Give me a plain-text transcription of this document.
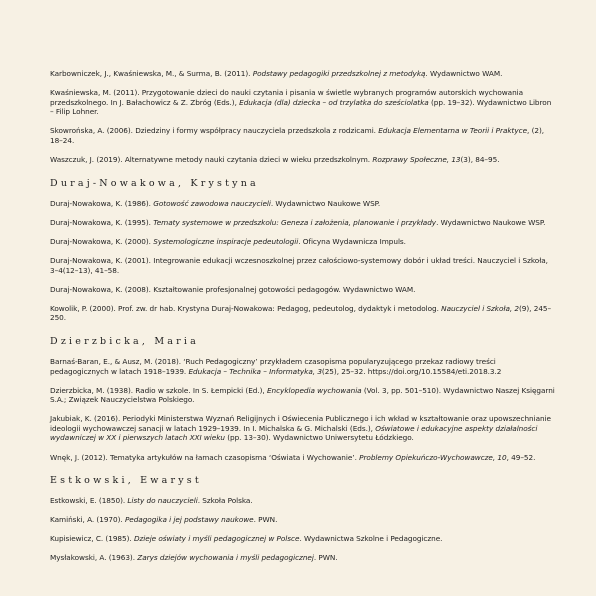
Karbowniczek, J., Kwaśniewska, M., & Surma, B. (2011). Podstawy pedagogiki przedszkolnej z metodyką. Wydawnictwo WAM.
Kwaśniewska, M. (2011). Przygotowanie dzieci do nauki czytania i pisania w świetle wybranych programów autorskich wychowania przedszkolnego. In J. Bałachowicz & Z. Zbróg (Eds.), Edukacja (dla) dziecka – od trzylatka do sześciolatka (pp. 19–32). Wydawnictwo Libron – Filip Lohner.
Skowrońska, A. (2006). Dziedziny i formy współpracy nauczyciela przedszkola z rodzicami. Edukacja Elementarna w Teorii i Praktyce, (2), 18–24.
Waszczuk, J. (2019). Alternatywne metody nauki czytania dzieci w wieku przedszkolnym. Rozprawy Społeczne, 13(3), 84–95.
Duraj-Nowakowa, Krystyna
Duraj-Nowakowa, K. (1986). Gotowość zawodowa nauczycieli. Wydawnictwo Naukowe WSP.
Duraj-Nowakowa, K. (1995). Tematy systemowe w przedszkolu: Geneza i założenia, planowanie i przykłady. Wydawnictwo Naukowe WSP.
Duraj-Nowakowa, K. (2000). Systemologiczne inspiracje pedeutologii. Oficyna Wydawnicza Impuls.
Duraj-Nowakowa, K. (2001). Integrowanie edukacji wczesnoszkolnej przez całościowo-systemowy dobór i układ treści. Nauczyciel i Szkoła, 3–4(12–13), 41–58.
Duraj-Nowakowa, K. (2008). Kształtowanie profesjonalnej gotowości pedagogów. Wydawnictwo WAM.
Kowolik, P. (2000). Prof. zw. dr hab. Krystyna Duraj-Nowakowa: Pedagog, pedeutolog, dydaktyk i metodolog. Nauczyciel i Szkoła, 2(9), 245–250.
Dzierzbicka, Maria
Barnaś-Baran, E., & Ausz, M. (2018). ‘Ruch Pedagogiczny’ przykładem czasopisma popularyzującego przekaz radiowy treści pedagogicznych w latach 1918–1939. Edukacja – Technika – Informatyka, 3(25), 25–32. https://doi.org/10.15584/eti.2018.3.2
Dzierzbicka, M. (1938). Radio w szkole. In S. Łempicki (Ed.), Encyklopedia wychowania (Vol. 3, pp. 501–510). Wydawnictwo Naszej Księgarni S.A.; Związek Nauczycielstwa Polskiego.
Jakubiak, K. (2016). Periodyki Ministerstwa Wyznań Religijnych i Oświecenia Publicznego i ich wkład w kształtowanie oraz upowszechnianie ideologii wychowawczej sanacji w latach 1929–1939. In I. Michalska & G. Michalski (Eds.), Oświatowe i edukacyjne aspekty działalności wydawniczej w XX i pierwszych latach XXI wieku (pp. 13–30). Wydawnictwo Uniwersytetu Łódzkiego.
Wnęk, J. (2012). Tematyka artykułów na łamach czasopisma ‘Oświata i Wychowanie’. Problemy Opiekuńczo-Wychowawcze, 10, 49–52.
Estkowski, Ewaryst
Estkowski, E. (1850). Listy do nauczycieli. Szkoła Polska.
Kamiński, A. (1970). Pedagogika i jej podstawy naukowe. PWN.
Kupisiewicz, C. (1985). Dzieje oświaty i myśli pedagogicznej w Polsce. Wydawnictwa Szkolne i Pedagogiczne.
Mysłakowski, A. (1963). Zarys dziejów wychowania i myśli pedagogicznej. PWN.
